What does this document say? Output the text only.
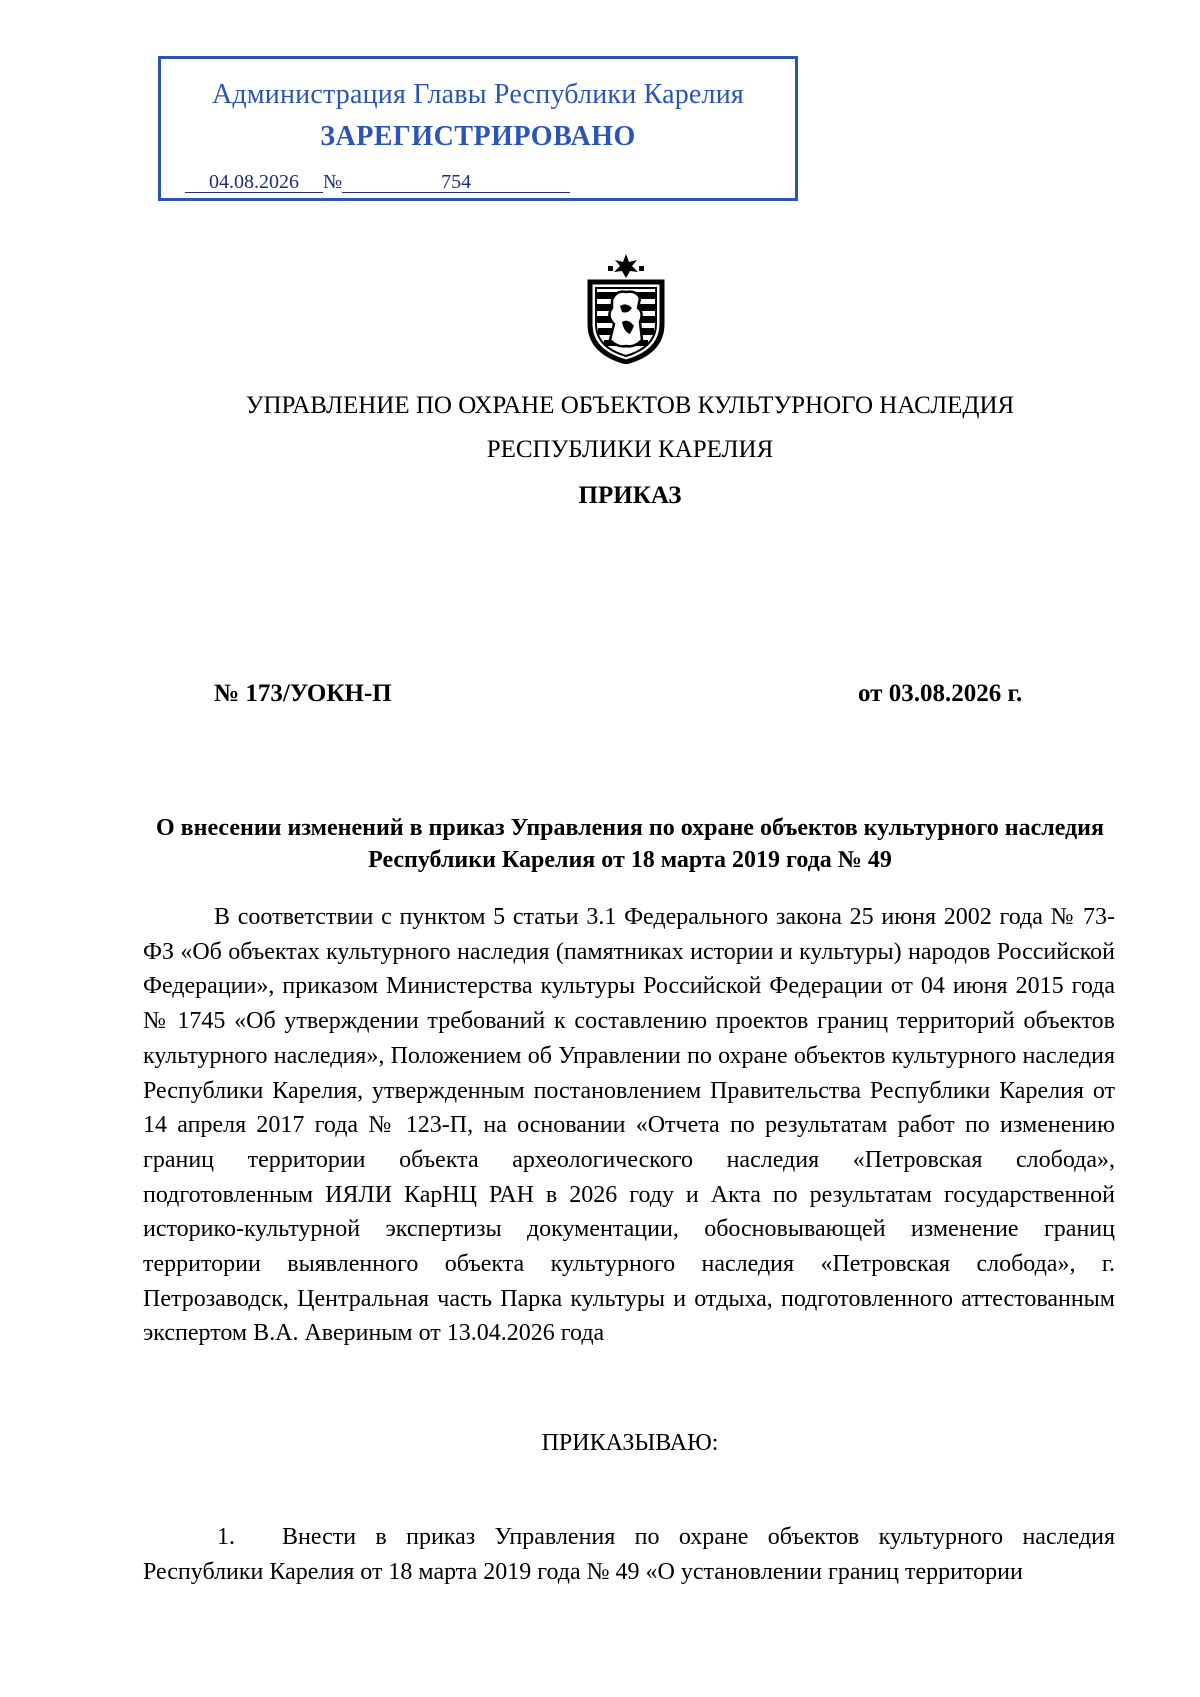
Администрация Главы Республики Карелия
ЗАРЕГИСТРИРОВАНО
04.08.2026 №	754
УПРАВЛЕНИЕ ПО ОХРАНЕ ОБЪЕКТОВ КУЛЬТУРНОГО НАСЛЕДИЯ
РЕСПУБЛИКИ КАРЕЛИЯ
ПРИКАЗ
№ 173/УОКН-П	от 03.08.2026 г.
О внесении изменений в приказ Управления по охране объектов культурного наследия Республики Карелия от 18 марта 2019 года № 49

В соответствии с пунктом 5 статьи 3.1 Федерального закона 25 июня 2002 года № 73-ФЗ «Об объектах культурного наследия (памятниках истории и культуры) народов Российской Федерации», приказом Министерства культуры Российской Федерации от 04 июня 2015 года № 1745 «Об утверждении требований к составлению проектов границ территорий объектов культурного наследия», Положением об Управлении по охране объектов культурного наследия Республики Карелия, утвержденным постановлением Правительства Республики Карелия от 14 апреля 2017 года № 123-П, на основании «Отчета по результатам работ по изменению границ территории объекта археологического наследия «Петровская слобода», подготовленным ИЯЛИ КарНЦ РАН в 2026 году и Акта по результатам государственной историко-культурной экспертизы документации, обосновывающей изменение границ территории выявленного объекта культурного наследия «Петровская слобода», г. Петрозаводск, Центральная часть Парка культуры и отдыха, подготовленного аттестованным экспертом В.А. Авериным от 13.04.2026 года

ПРИКАЗЫВАЮ:

1. Внести в приказ Управления по охране объектов культурного наследия Республики Карелия от 18 марта 2019 года № 49 «О установлении границ территории
